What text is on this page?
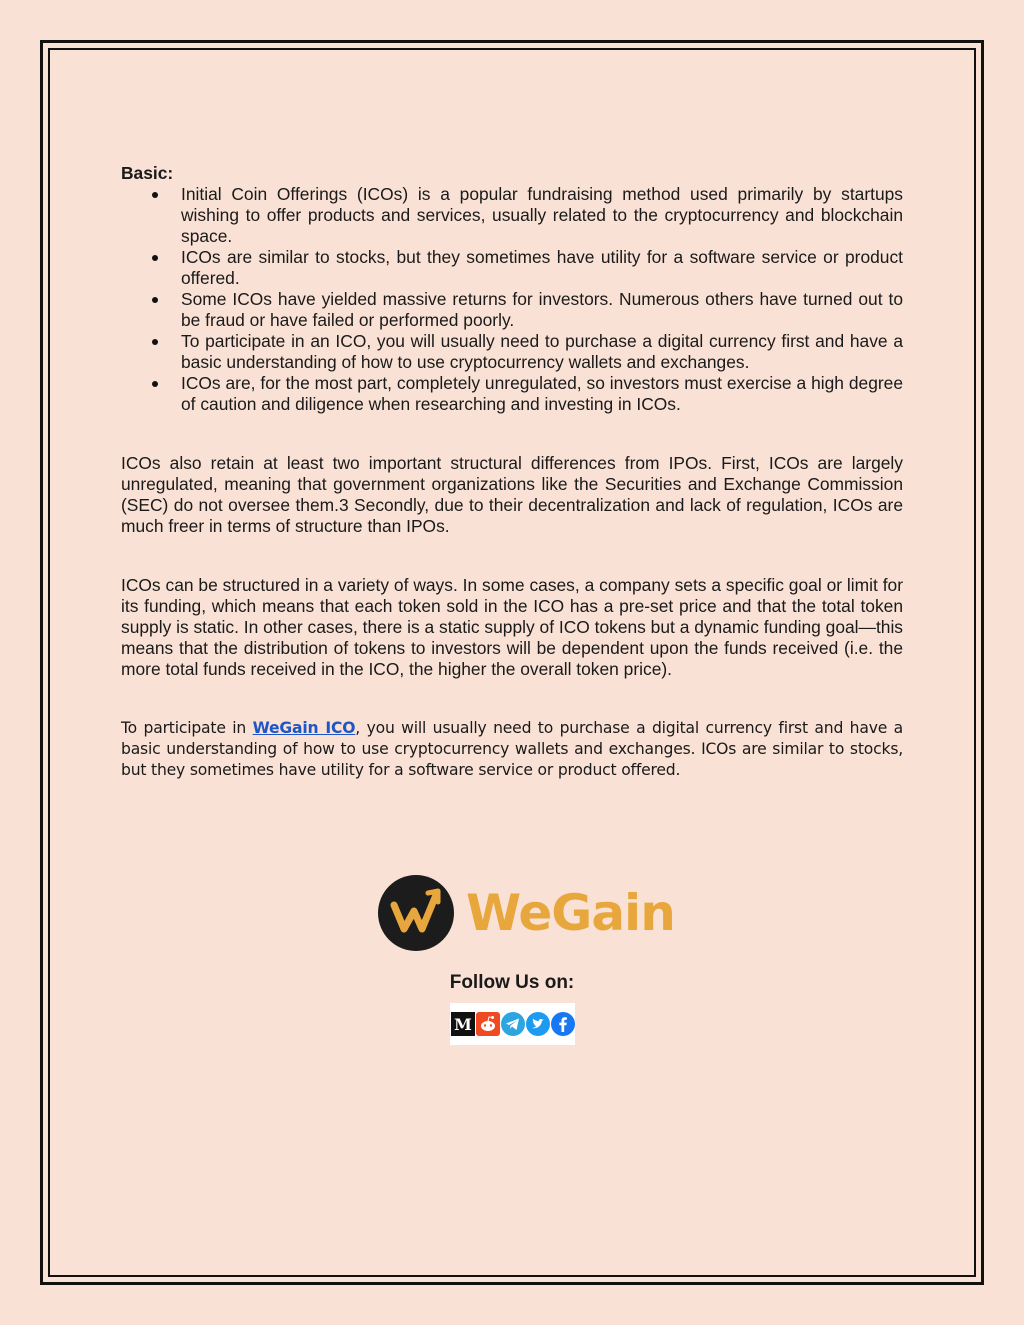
Basic:

Initial Coin Offerings (ICOs) is a popular fundraising method used primarily by startups wishing to offer products and services, usually related to the cryptocurrency and blockchain space.
ICOs are similar to stocks, but they sometimes have utility for a software service or product offered.
Some ICOs have yielded massive returns for investors. Numerous others have turned out to be fraud or have failed or performed poorly.
To participate in an ICO, you will usually need to purchase a digital currency first and have a basic understanding of how to use cryptocurrency wallets and exchanges.
ICOs are, for the most part, completely unregulated, so investors must exercise a high degree of caution and diligence when researching and investing in ICOs.

ICOs also retain at least two important structural differences from IPOs. First, ICOs are largely unregulated, meaning that government organizations like the Securities and Exchange Commission (SEC) do not oversee them.3 Secondly, due to their decentralization and lack of regulation, ICOs are much freer in terms of structure than IPOs.

ICOs can be structured in a variety of ways. In some cases, a company sets a specific goal or limit for its funding, which means that each token sold in the ICO has a pre-set price and that the total token supply is static. In other cases, there is a static supply of ICO tokens but a dynamic funding goal—this means that the distribution of tokens to investors will be dependent upon the funds received (i.e. the more total funds received in the ICO, the higher the overall token price).

To participate in WeGain ICO, you will usually need to purchase a digital currency first and have a basic understanding of how to use cryptocurrency wallets and exchanges. ICOs are similar to stocks, but they sometimes have utility for a software service or product offered.

WeGain
Follow Us on:
M
